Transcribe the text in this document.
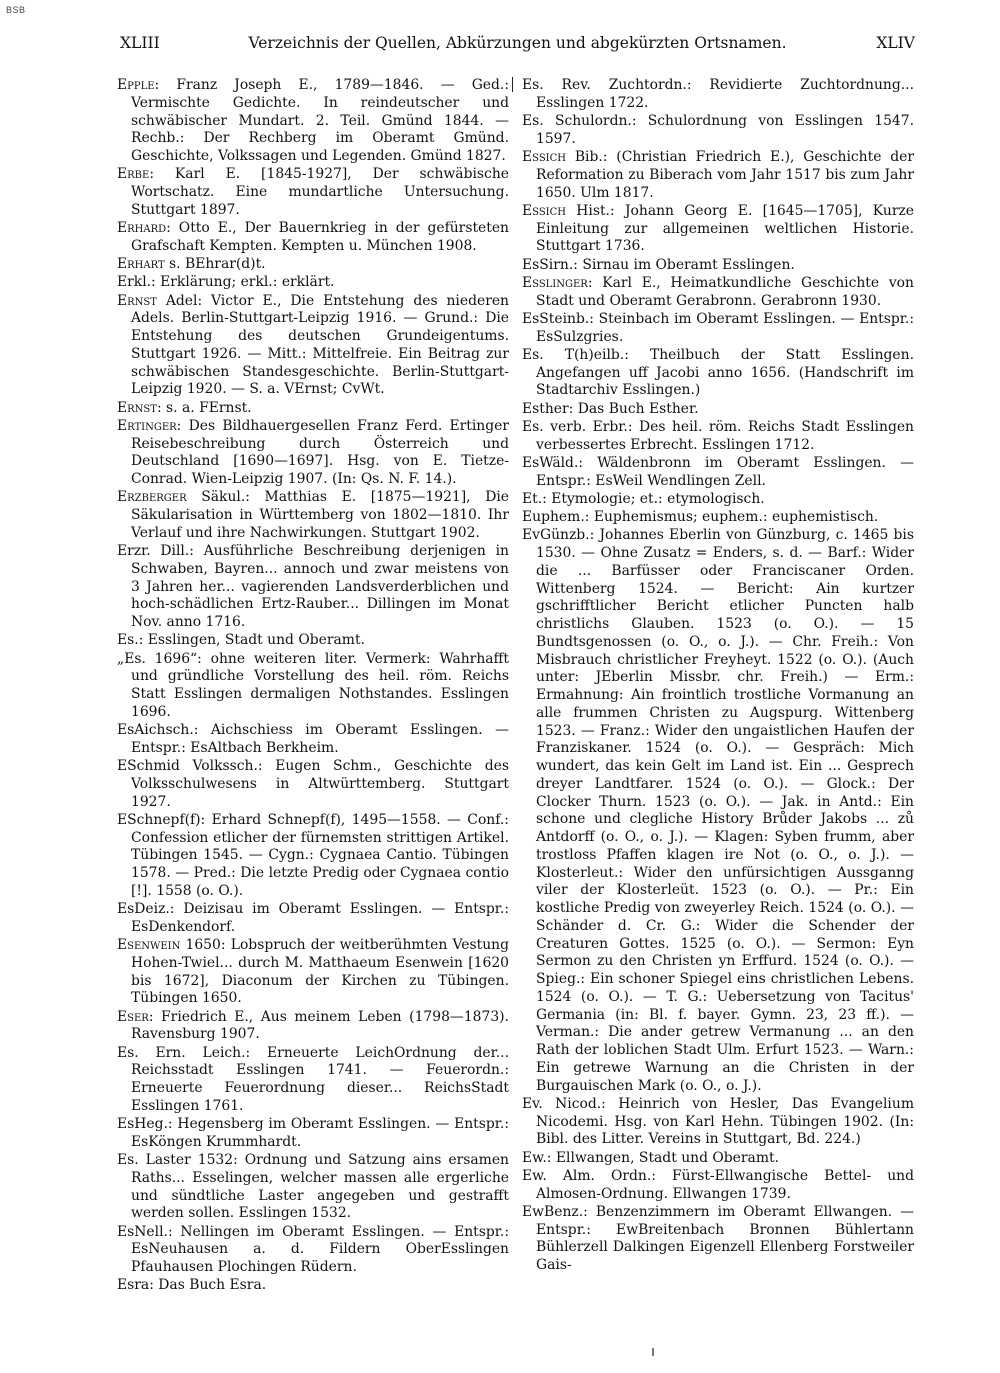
BSB
XLIII	Verzeichnis der Quellen, Abkürzungen und abgekürzten Ortsnamen.	XLIV

Epple: Franz Joseph E., 1789—1846. — Ged.: Vermischte Gedichte. In reindeutscher und schwäbischer Mundart. 2. Teil. Gmünd 1844. — Rechb.: Der Rechberg im Oberamt Gmünd. Geschichte, Volkssagen und Legenden. Gmünd 1827.

Erbe: Karl E. [1845-1927], Der schwäbische Wortschatz. Eine mundartliche Untersuchung. Stuttgart 1897.

Erhard: Otto E., Der Bauernkrieg in der gefürsteten Grafschaft Kempten. Kempten u. München 1908.

Erhart s. BEhrar(d)t.

Erkl.: Erklärung; erkl.: erklärt.

Ernst Adel: Victor E., Die Entstehung des niederen Adels. Berlin-Stuttgart-Leipzig 1916. — Grund.: Die Entstehung des deutschen Grundeigentums. Stuttgart 1926. — Mitt.: Mittelfreie. Ein Beitrag zur schwäbischen Standesgeschichte. Berlin-Stuttgart-Leipzig 1920. — S. a. VErnst; CvWt.

Ernst: s. a. FErnst.

Ertinger: Des Bildhauergesellen Franz Ferd. Ertinger Reisebeschreibung durch Österreich und Deutschland [1690—1697]. Hsg. von E. Tietze-Conrad. Wien-Leipzig 1907. (In: Qs. N. F. 14.).

Erzberger Säkul.: Matthias E. [1875—1921], Die Säkularisation in Württemberg von 1802—1810. Ihr Verlauf und ihre Nachwirkungen. Stuttgart 1902.

Erzr. Dill.: Ausführliche Beschreibung derjenigen in Schwaben, Bayren... annoch und zwar meistens von 3 Jahren her... vagierenden Landsverderblichen und hoch-schädlichen Ertz-Rauber... Dillingen im Monat Nov. anno 1716.

Es.: Esslingen, Stadt und Oberamt.

„Es. 1696“: ohne weiteren liter. Vermerk: Wahrhafft und gründliche Vorstellung des heil. röm. Reichs Statt Esslingen dermaligen Nothstandes. Esslingen 1696.

EsAichsch.: Aichschiess im Oberamt Esslingen. — Entspr.: EsAltbach Berkheim.

ESchmid Volkssch.: Eugen Schm., Geschichte des Volksschulwesens in Altwürttemberg. Stuttgart 1927.

ESchnepf(f): Erhard Schnepf(f), 1495—1558. — Conf.: Confession etlicher der fürnemsten strittigen Artikel. Tübingen 1545. — Cygn.: Cygnaea Cantio. Tübingen 1578. — Pred.: Die letzte Predig oder Cygnaea contio [!]. 1558 (o. O.).

EsDeiz.: Deizisau im Oberamt Esslingen. — Entspr.: EsDenkendorf.

Esenwein 1650: Lobspruch der weitberühmten Vestung Hohen-Twiel... durch M. Matthaeum Esenwein [1620 bis 1672], Diaconum der Kirchen zu Tübingen. Tübingen 1650.

Eser: Friedrich E., Aus meinem Leben (1798—1873). Ravensburg 1907.

Es. Ern. Leich.: Erneuerte LeichOrdnung der... Reichsstadt Esslingen 1741. — Feuerordn.: Erneuerte Feuerordnung dieser... ReichsStadt Esslingen 1761.

EsHeg.: Hegensberg im Oberamt Esslingen. — Entspr.: EsKöngen Krummhardt.

Es. Laster 1532: Ordnung und Satzung ains ersamen Raths... Esselingen, welcher massen alle ergerliche und sündtliche Laster angegeben und gestrafft werden sollen. Esslingen 1532.

EsNell.: Nellingen im Oberamt Esslingen. — Entspr.: EsNeuhausen a. d. Fildern OberEsslingen Pfauhausen Plochingen Rüdern.

Esra: Das Buch Esra.

Es. Rev. Zuchtordn.: Revidierte Zuchtordnung... Esslingen 1722.

Es. Schulordn.: Schulordnung von Esslingen 1547. 1597.

Essich Bib.: (Christian Friedrich E.), Geschichte der Reformation zu Biberach vom Jahr 1517 bis zum Jahr 1650. Ulm 1817.

Essich Hist.: Johann Georg E. [1645—1705], Kurze Einleitung zur allgemeinen weltlichen Historie. Stuttgart 1736.

EsSirn.: Sirnau im Oberamt Esslingen.

Esslinger: Karl E., Heimatkundliche Geschichte von Stadt und Oberamt Gerabronn. Gerabronn 1930.

EsSteinb.: Steinbach im Oberamt Esslingen. — Entspr.: EsSulzgries.

Es. T(h)eilb.: Theilbuch der Statt Esslingen. Angefangen uff Jacobi anno 1656. (Handschrift im Stadtarchiv Esslingen.)

Esther: Das Buch Esther.

Es. verb. Erbr.: Des heil. röm. Reichs Stadt Esslingen verbessertes Erbrecht. Esslingen 1712.

EsWäld.: Wäldenbronn im Oberamt Esslingen. — Entspr.: EsWeil Wendlingen Zell.

Et.: Etymologie; et.: etymologisch.

Euphem.: Euphemismus; euphem.: euphemistisch.

EvGünzb.: Johannes Eberlin von Günzburg, c. 1465 bis 1530. — Ohne Zusatz = Enders, s. d. — Barf.: Wider die ... Barfüsser oder Franciscaner Orden. Wittenberg 1524. — Bericht: Ain kurtzer gschrifftlicher Bericht etlicher Puncten halb christlichs Glauben. 1523 (o. O.). — 15 Bundtsgenossen (o. O., o. J.). — Chr. Freih.: Von Misbrauch christlicher Freyheyt. 1522 (o. O.). (Auch unter: JEberlin Missbr. chr. Freih.) — Erm.: Ermahnung: Ain frointlich trostliche Vormanung an alle frummen Christen zu Augspurg. Wittenberg 1523. — Franz.: Wider den ungaistlichen Haufen der Franziskaner. 1524 (o. O.). — Gespräch: Mich wundert, das kein Gelt im Land ist. Ein ... Gesprech dreyer Landtfarer. 1524 (o. O.). — Glock.: Der Clocker Thurn. 1523 (o. O.). — Jak. in Antd.: Ein schone und clegliche History Brůder Jakobs ... zů Antdorff (o. O., o. J.). — Klagen: Syben frumm, aber trostloss Pfaffen klagen ire Not (o. O., o. J.). — Klosterleut.: Wider den unfürsichtigen Aussganng viler der Klosterleüt. 1523 (o. O.). — Pr.: Ein kostliche Predig von zweyerley Reich. 1524 (o. O.). — Schänder d. Cr. G.: Wider die Schender der Creaturen Gottes. 1525 (o. O.). — Sermon: Eyn Sermon zu den Christen yn Erffurd. 1524 (o. O.). — Spieg.: Ein schoner Spiegel eins christlichen Lebens. 1524 (o. O.). — T. G.: Uebersetzung von Tacitus' Germania (in: Bl. f. bayer. Gymn. 23, 23 ff.). — Verman.: Die ander getrew Vermanung ... an den Rath der loblichen Stadt Ulm. Erfurt 1523. — Warn.: Ein getrewe Warnung an die Christen in der Burgauischen Mark (o. O., o. J.).

Ev. Nicod.: Heinrich von Hesler, Das Evangelium Nicodemi. Hsg. von Karl Hehn. Tübingen 1902. (In: Bibl. des Litter. Vereins in Stuttgart, Bd. 224.)

Ew.: Ellwangen, Stadt und Oberamt.

Ew. Alm. Ordn.: Fürst-Ellwangische Bettel- und Almosen-Ordnung. Ellwangen 1739.

EwBenz.: Benzenzimmern im Oberamt Ellwangen. — Entspr.: EwBreitenbach Bronnen Bühlertann Bühlerzell Dalkingen Eigenzell Ellenberg Forstweiler Gais-
